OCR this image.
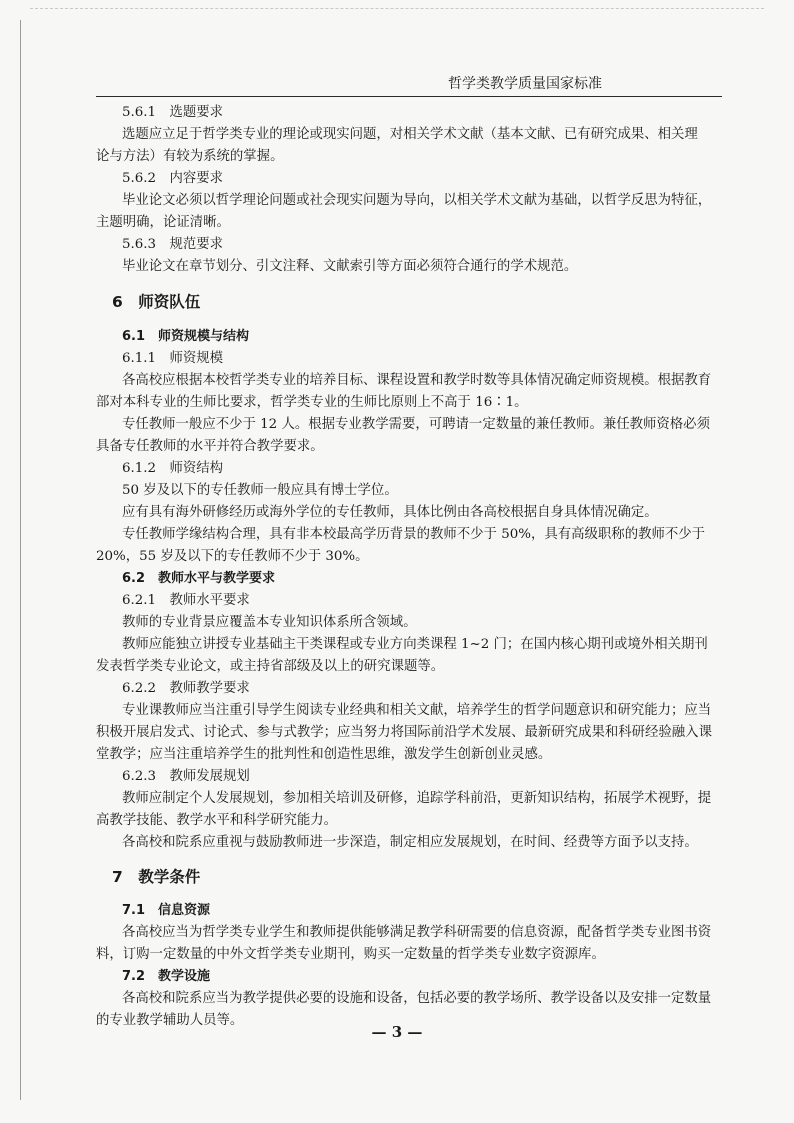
哲学类教学质量国家标准
5.6.1　选题要求
选题应立足于哲学类专业的理论或现实问题，对相关学术文献（基本文献、已有研究成果、相关理
论与方法）有较为系统的掌握。
5.6.2　内容要求
毕业论文必须以哲学理论问题或社会现实问题为导向，以相关学术文献为基础，以哲学反思为特征，
主题明确，论证清晰。
5.6.3　规范要求
毕业论文在章节划分、引文注释、文献索引等方面必须符合通行的学术规范。
6　师资队伍
6.1　师资规模与结构
6.1.1　师资规模
各高校应根据本校哲学类专业的培养目标、课程设置和教学时数等具体情况确定师资规模。根据教育
部对本科专业的生师比要求，哲学类专业的生师比原则上不高于 16∶1。
专任教师一般应不少于 12 人。根据专业教学需要，可聘请一定数量的兼任教师。兼任教师资格必须
具备专任教师的水平并符合教学要求。
6.1.2　师资结构
50 岁及以下的专任教师一般应具有博士学位。
应有具有海外研修经历或海外学位的专任教师，具体比例由各高校根据自身具体情况确定。
专任教师学缘结构合理，具有非本校最高学历背景的教师不少于 50%，具有高级职称的教师不少于
20%，55 岁及以下的专任教师不少于 30%。
6.2　教师水平与教学要求
6.2.1　教师水平要求
教师的专业背景应覆盖本专业知识体系所含领域。
教师应能独立讲授专业基础主干类课程或专业方向类课程 1~2 门；在国内核心期刊或境外相关期刊
发表哲学类专业论文，或主持省部级及以上的研究课题等。
6.2.2　教师教学要求
专业课教师应当注重引导学生阅读专业经典和相关文献，培养学生的哲学问题意识和研究能力；应当
积极开展启发式、讨论式、参与式教学；应当努力将国际前沿学术发展、最新研究成果和科研经验融入课
堂教学；应当注重培养学生的批判性和创造性思维，激发学生创新创业灵感。
6.2.3　教师发展规划
教师应制定个人发展规划，参加相关培训及研修，追踪学科前沿，更新知识结构，拓展学术视野，提
高教学技能、教学水平和科学研究能力。
各高校和院系应重视与鼓励教师进一步深造，制定相应发展规划，在时间、经费等方面予以支持。
7　教学条件
7.1　信息资源
各高校应当为哲学类专业学生和教师提供能够满足教学科研需要的信息资源，配备哲学类专业图书资
料，订购一定数量的中外文哲学类专业期刊，购买一定数量的哲学类专业数字资源库。
7.2　教学设施
各高校和院系应当为教学提供必要的设施和设备，包括必要的教学场所、教学设备以及安排一定数量
的专业教学辅助人员等。
— 3 —
